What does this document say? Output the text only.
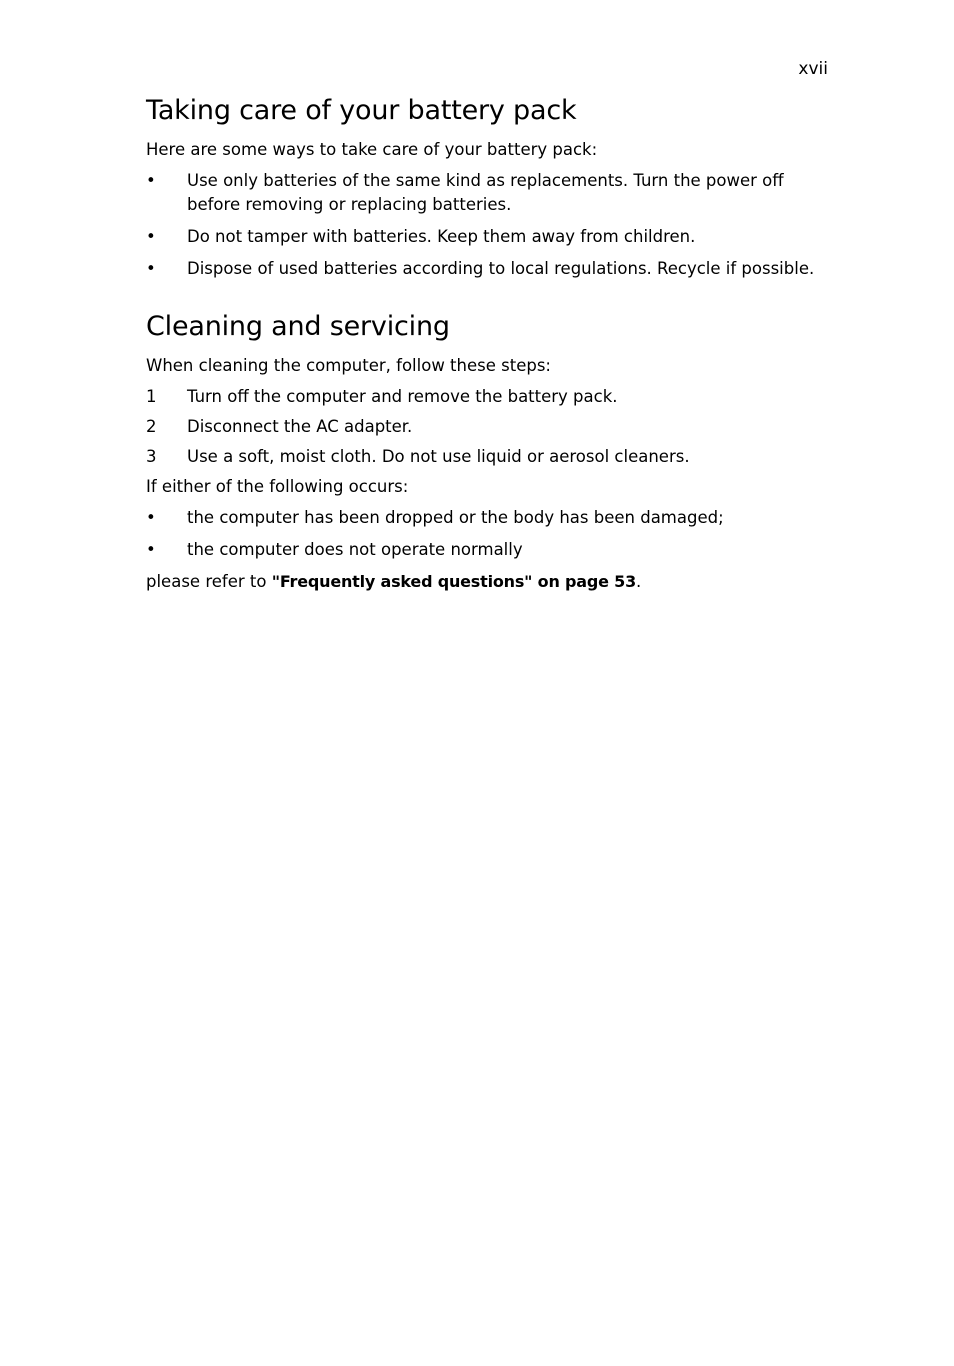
xvii
Taking care of your battery pack

Here are some ways to take care of your battery pack:

• Use only batteries of the same kind as replacements. Turn the power off before removing or replacing batteries.
• Do not tamper with batteries. Keep them away from children.
• Dispose of used batteries according to local regulations. Recycle if possible.
Cleaning and servicing

When cleaning the computer, follow these steps:

1 Turn off the computer and remove the battery pack.
2 Disconnect the AC adapter.
3 Use a soft, moist cloth. Do not use liquid or aerosol cleaners.

If either of the following occurs:

• the computer has been dropped or the body has been damaged;
• the computer does not operate normally

please refer to "Frequently asked questions" on page 53.
